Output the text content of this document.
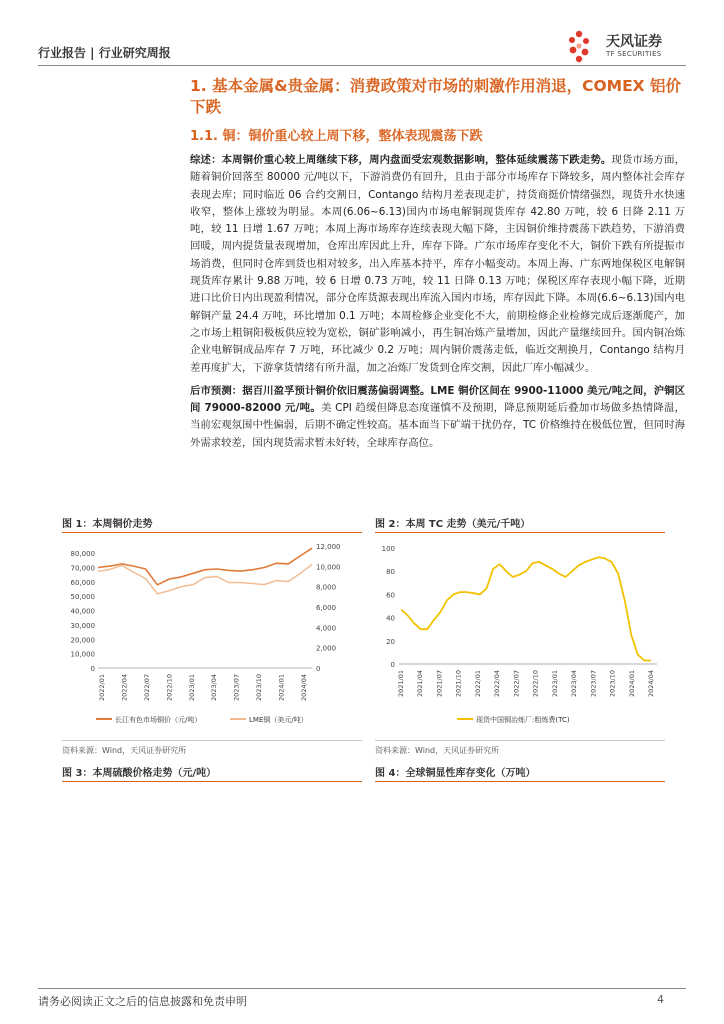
行业报告 | 行业研究周报
天风证券
TF SECURITIES
1. 基本金属&贵金属：消费政策对市场的刺激作用消退，COMEX 铝价下跌
1.1. 铜：铜价重心较上周下移，整体表现震荡下跌

综述：本周铜价重心较上周继续下移，周内盘面受宏观数据影响，整体延续震荡下跌走势。现货市场方面，随着铜价回落至 80000 元/吨以下，下游消费仍有回升，且由于部分市场库存下降较多，周内整体社会库存表现去库；同时临近 06 合约交割日，Contango 结构月差表现走扩，持货商挺价情绪强烈，现货升水快速收窄，整体上涨较为明显。本周(6.06~6.13)国内市场电解铜现货库存 42.80 万吨，较 6 日降 2.11 万吨，较 11 日增 1.67 万吨；本周上海市场库存连续表现大幅下降，主因铜价维持震荡下跌趋势，下游消费回暖，周内提货量表现增加，仓库出库因此上升，库存下降。广东市场库存变化不大，铜价下跌有所提振市场消费，但同时仓库到货也相对较多，出入库基本持平，库存小幅变动。本周上海、广东两地保税区电解铜现货库存累计 9.88 万吨，较 6 日增 0.73 万吨，较 11 日降 0.13 万吨；保税区库存表现小幅下降，近期进口比价日内出现盈利情况，部分仓库货源表现出库流入国内市场，库存因此下降。本周(6.6~6.13)国内电解铜产量 24.4 万吨，环比增加 0.1 万吨；本周检修企业变化不大，前期检修企业检修完成后逐渐爬产，加之市场上粗铜阳极板供应较为宽松，铜矿影响减小，再生铜冶炼产量增加，因此产量继续回升。国内铜冶炼企业电解铜成品库存 7 万吨，环比减少 0.2 万吨；周内铜价震荡走低，临近交割换月，Contango 结构月差再度扩大，下游拿货情绪有所升温，加之冶炼厂发货到仓库交割，因此厂库小幅减少。

后市预测：据百川盈孚预计铜价依旧震荡偏弱调整。LME 铜价区间在 9900-11000 美元/吨之间，沪铜区间 79000-82000 元/吨。美 CPI 趋缓但降息态度谨慎不及预期，降息预期延后叠加市场做多热情降温，当前宏观氛围中性偏弱，后期不确定性较高。基本面当下矿端干扰仍存，TC 价格维持在极低位置，但同时海外需求较差，国内现货需求暂未好转，全球库存高位。

图 1：本周铜价走势
0
10,000
20,000
30,000
40,000
50,000
60,000
70,000
80,000
0
2,000
4,000
6,000
8,000
10,000
12,000
2022/01 2022/04 2022/07 2022/10 2023/01 2023/04 2023/07 2023/10 2024/01 2024/04
长江有色市场铜价（元/吨）	LME铜（美元/吨）
资料来源：Wind，天风证券研究所
图 2：本周 TC 走势（美元/千吨）
0
20
40
60
80
100
2021/01 2021/04 2021/07 2021/10 2022/01 2022/04 2022/07 2022/10 2023/01 2023/04 2023/07 2023/10 2024/01 2024/04
现货中国铜冶炼厂:粗炼费(TC)
资料来源：Wind，天风证券研究所
图 3：本周硫酸价格走势（元/吨）	图 4：全球铜显性库存变化（万吨）
请务必阅读正文之后的信息披露和免责申明	4
